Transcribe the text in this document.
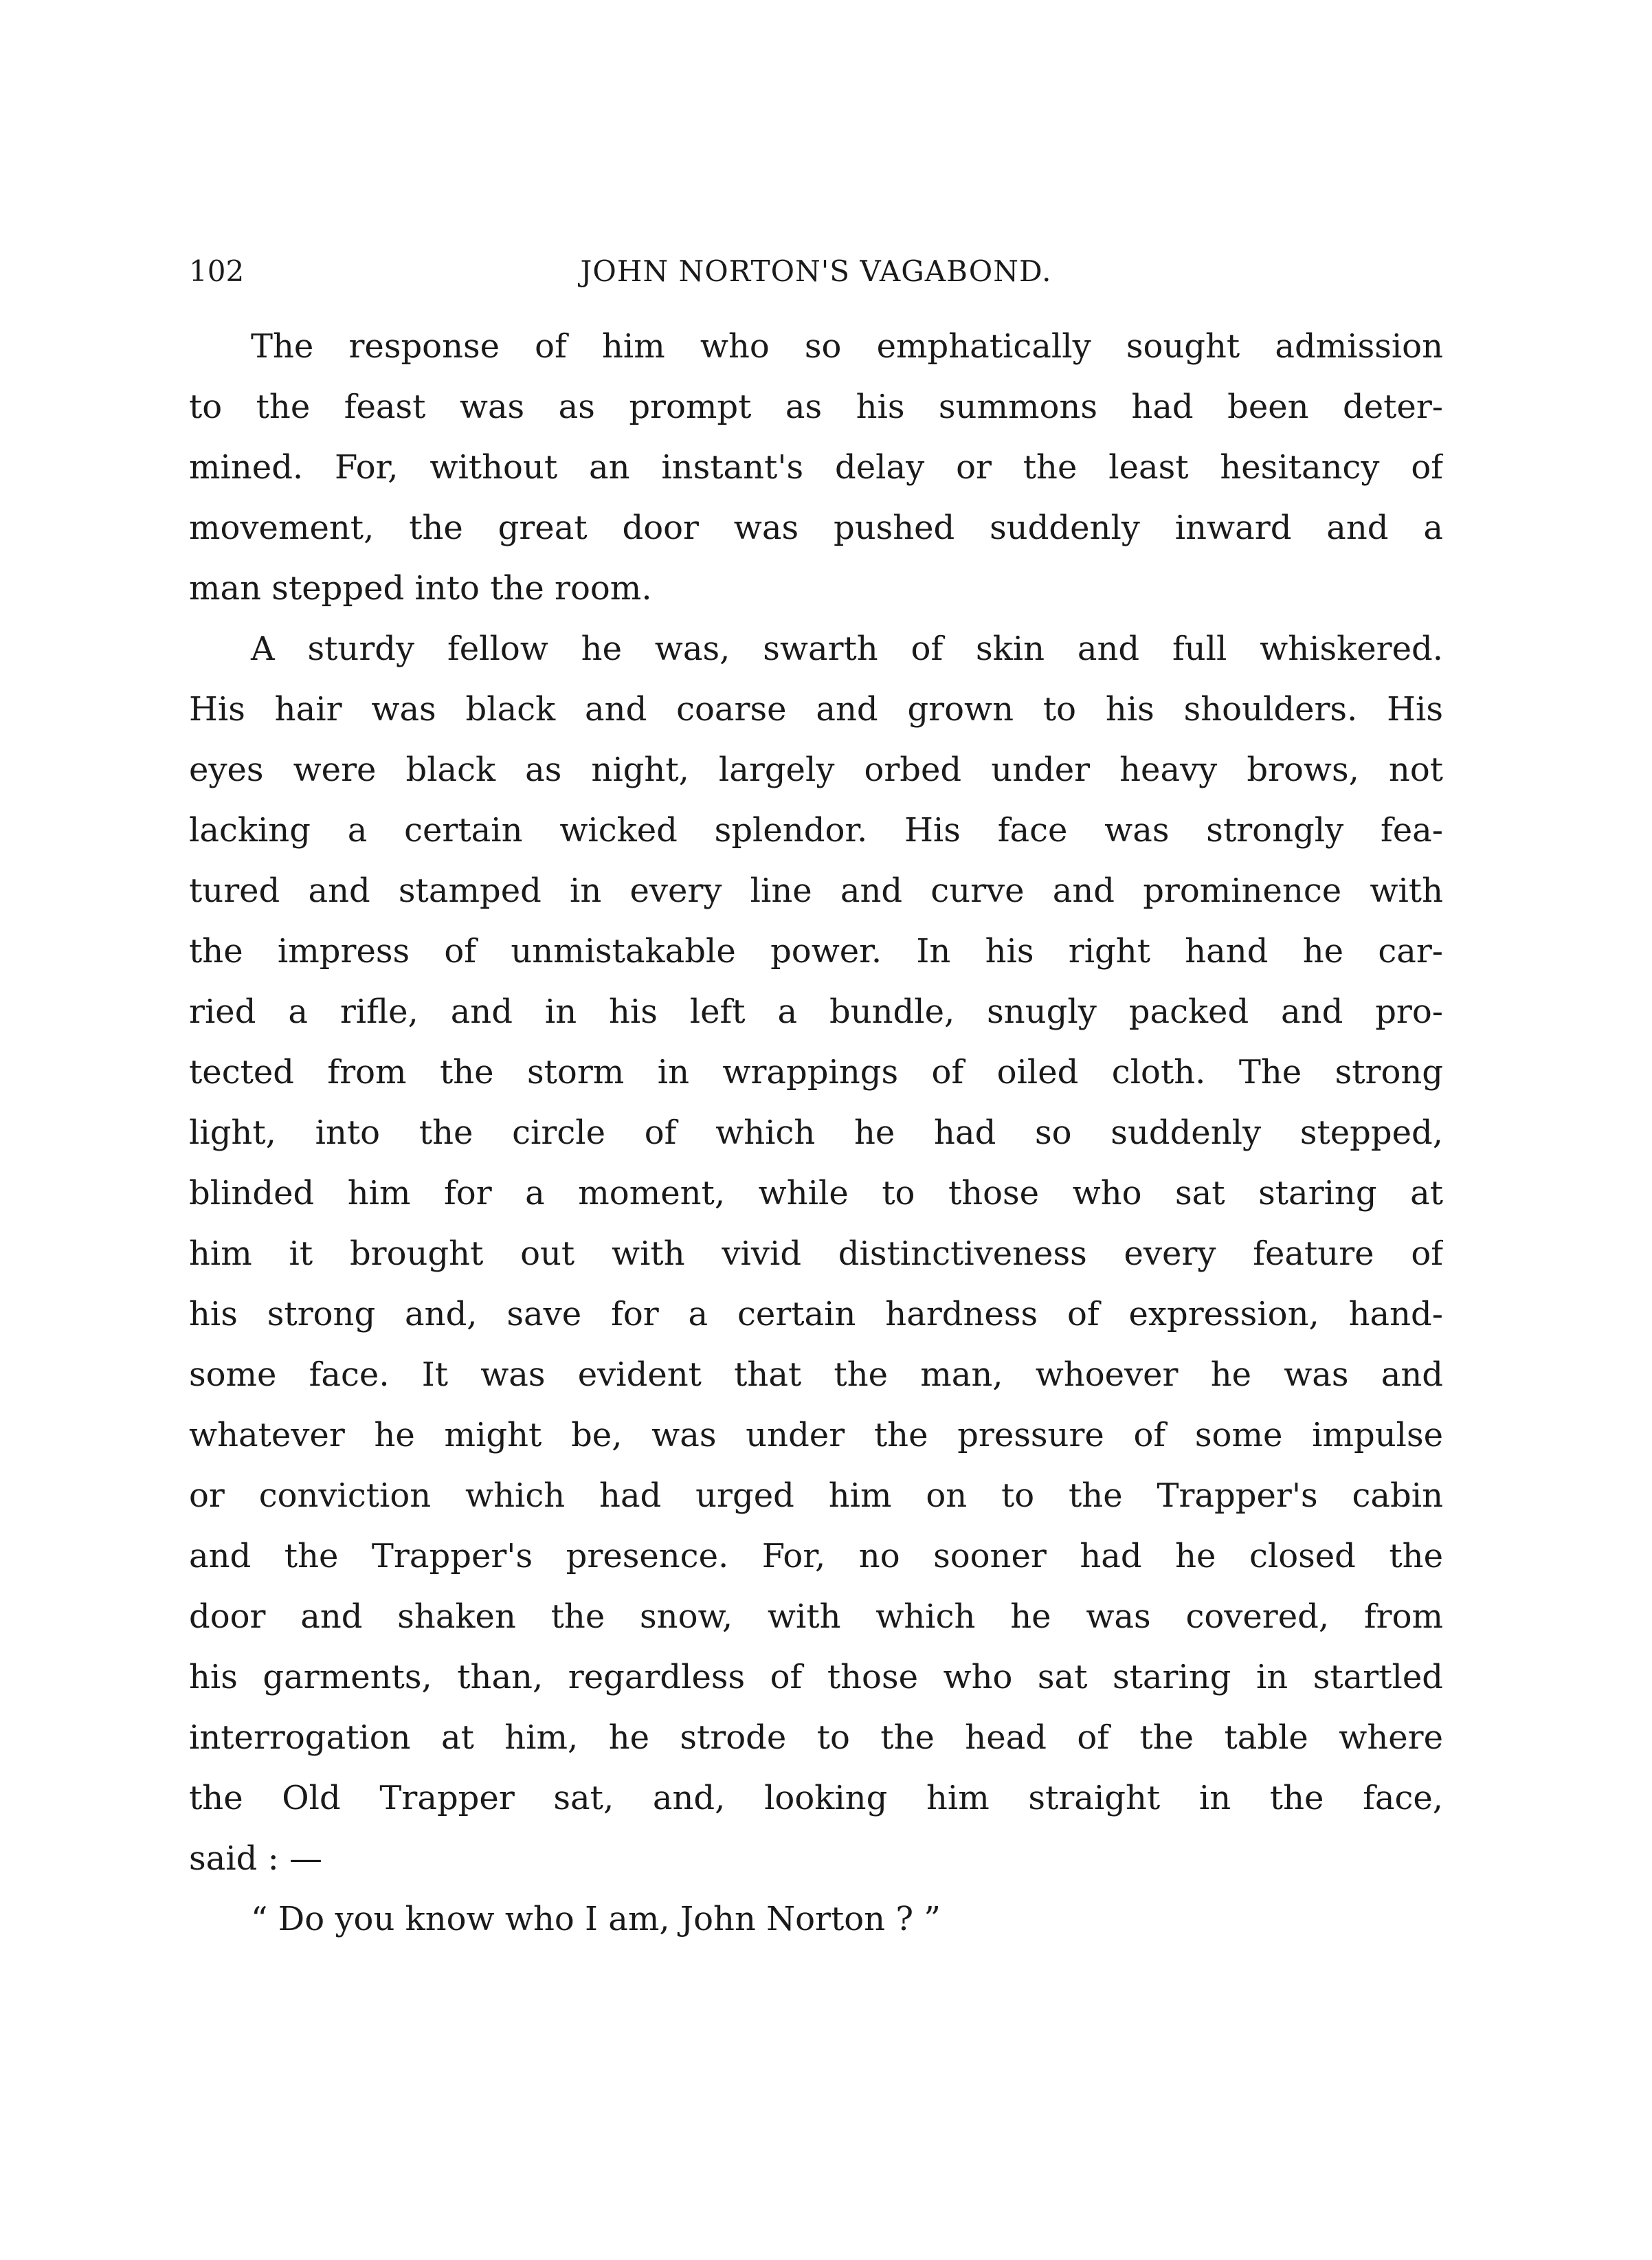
102	JOHN NORTON'S VAGABOND.
The response of him who so emphatically sought admission
to the feast was as prompt as his summons had been deter-
mined. For, without an instant's delay or the least hesitancy of
movement, the great door was pushed suddenly inward and a
man stepped into the room.
A sturdy fellow he was, swarth of skin and full whiskered.
His hair was black and coarse and grown to his shoulders. His
eyes were black as night, largely orbed under heavy brows, not
lacking a certain wicked splendor. His face was strongly fea-
tured and stamped in every line and curve and prominence with
the impress of unmistakable power. In his right hand he car-
ried a rifle, and in his left a bundle, snugly packed and pro-
tected from the storm in wrappings of oiled cloth. The strong
light, into the circle of which he had so suddenly stepped,
blinded him for a moment, while to those who sat staring at
him it brought out with vivid distinctiveness every feature of
his strong and, save for a certain hardness of expression, hand-
some face. It was evident that the man, whoever he was and
whatever he might be, was under the pressure of some impulse
or conviction which had urged him on to the Trapper's cabin
and the Trapper's presence. For, no sooner had he closed the
door and shaken the snow, with which he was covered, from
his garments, than, regardless of those who sat staring in startled
interrogation at him, he strode to the head of the table where
the Old Trapper sat, and, looking him straight in the face,
said : —
“ Do you know who I am, John Norton ? ”
